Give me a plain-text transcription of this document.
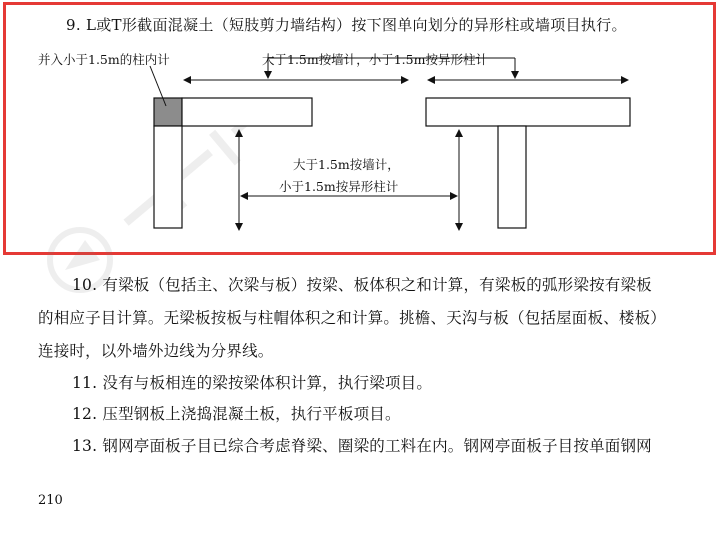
9. L或T形截面混凝土（短肢剪力墙结构）按下图单向划分的异形柱或墙项目执行。
并入小于1.5m的柱内计	大于1.5m按墙计，小于1.5m按异形柱计
大于1.5m按墙计，
小于1.5m按异形柱计
10. 有梁板（包括主、次梁与板）按梁、板体积之和计算，有梁板的弧形梁按有梁板
的相应子目计算。无梁板按板与柱帽体积之和计算。挑檐、天沟与板（包括屋面板、楼板）
连接时，以外墙外边线为分界线。
11. 没有与板相连的梁按梁体积计算，执行梁项目。
12. 压型钢板上浇捣混凝土板，执行平板项目。
13. 钢网亭面板子目已综合考虑脊梁、圈梁的工料在内。钢网亭面板子目按单面钢网
210
